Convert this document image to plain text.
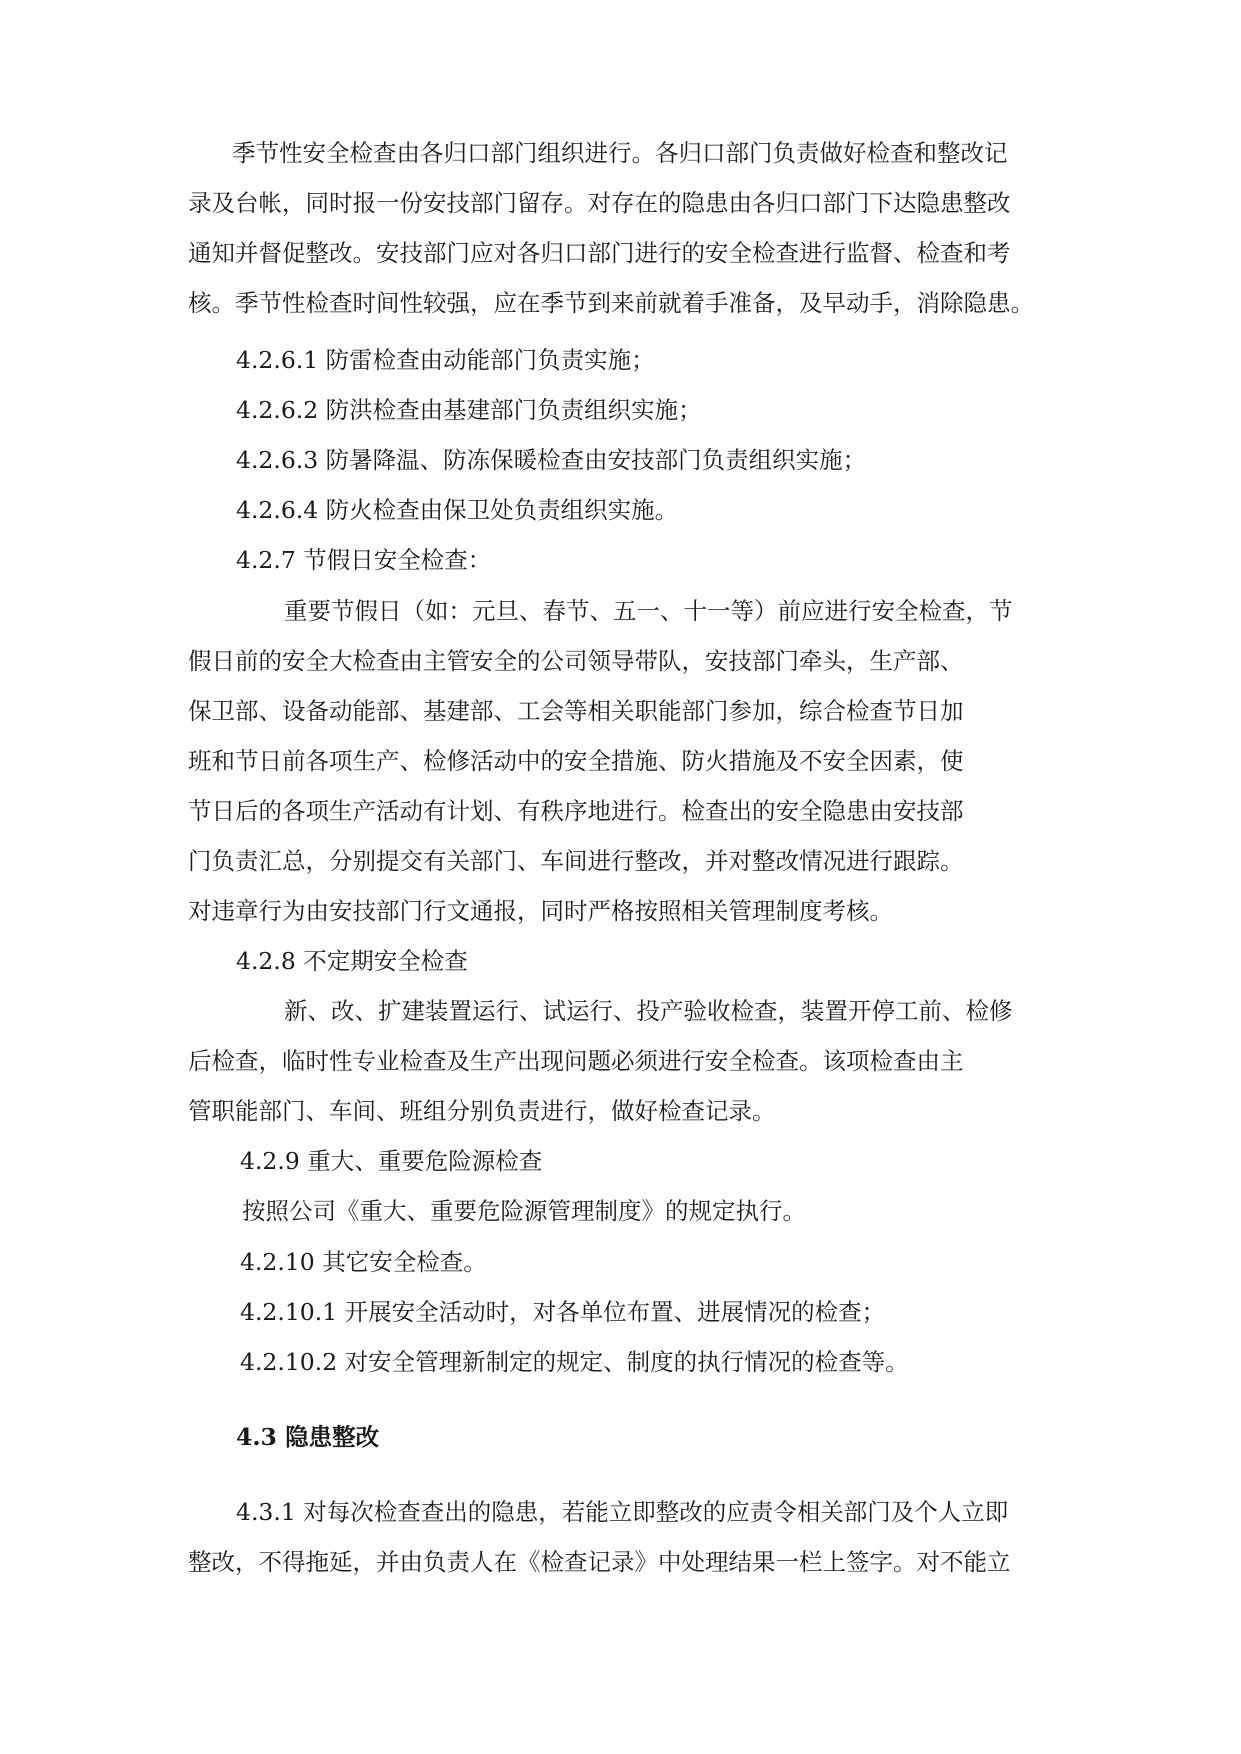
季节性安全检查由各归口部门组织进行。各归口部门负责做好检查和整改记
录及台帐，同时报一份安技部门留存。对存在的隐患由各归口部门下达隐患整改
通知并督促整改。安技部门应对各归口部门进行的安全检查进行监督、检查和考
核。季节性检查时间性较强，应在季节到来前就着手准备，及早动手，消除隐患。
4.2.6.1 防雷检查由动能部门负责实施；
4.2.6.2 防洪检查由基建部门负责组织实施；
4.2.6.3 防暑降温、防冻保暖检查由安技部门负责组织实施；
4.2.6.4 防火检查由保卫处负责组织实施。
4.2.7 节假日安全检查：
重要节假日（如：元旦、春节、五一、十一等）前应进行安全检查，节
假日前的安全大检查由主管安全的公司领导带队，安技部门牵头，生产部、
保卫部、设备动能部、基建部、工会等相关职能部门参加，综合检查节日加
班和节日前各项生产、检修活动中的安全措施、防火措施及不安全因素，使
节日后的各项生产活动有计划、有秩序地进行。检查出的安全隐患由安技部
门负责汇总，分别提交有关部门、车间进行整改，并对整改情况进行跟踪。
对违章行为由安技部门行文通报，同时严格按照相关管理制度考核。
4.2.8 不定期安全检查
新、改、扩建装置运行、试运行、投产验收检查，装置开停工前、检修
后检查，临时性专业检查及生产出现问题必须进行安全检查。该项检查由主
管职能部门、车间、班组分别负责进行，做好检查记录。
4.2.9 重大、重要危险源检查
按照公司《重大、重要危险源管理制度》的规定执行。
4.2.10 其它安全检查。
4.2.10.1 开展安全活动时，对各单位布置、进展情况的检查；
4.2.10.2 对安全管理新制定的规定、制度的执行情况的检查等。
4.3 隐患整改
4.3.1 对每次检查查出的隐患，若能立即整改的应责令相关部门及个人立即
整改，不得拖延，并由负责人在《检查记录》中处理结果一栏上签字。对不能立
